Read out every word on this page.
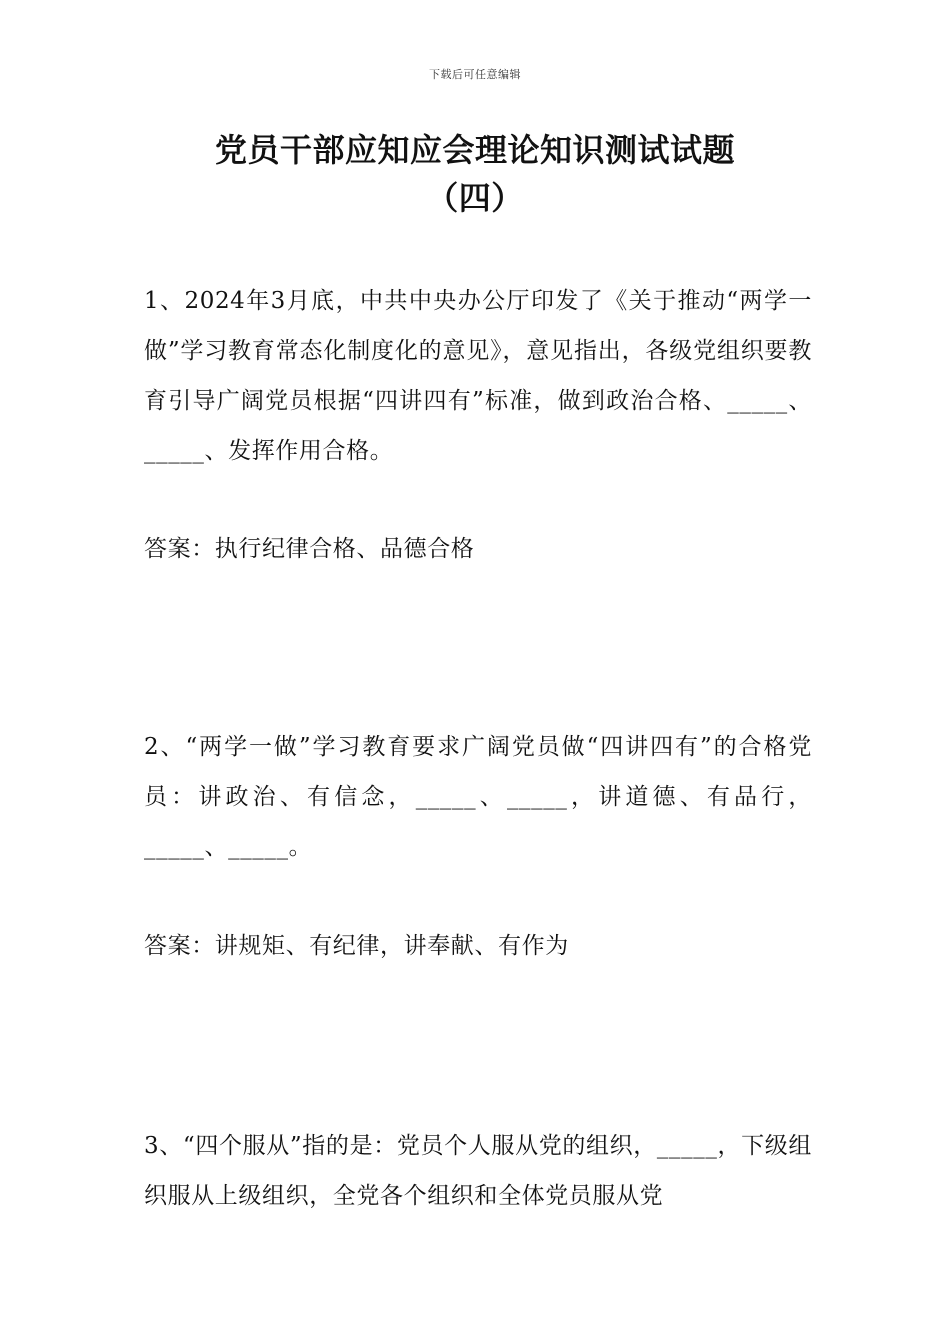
下载后可任意编辑
党员干部应知应会理论知识测试试题
（四）

1、2024年3月底，中共中央办公厅印发了《关于推动“两学一做”学习教育常态化制度化的意见》，意见指出，各级党组织要教育引导广阔党员根据“四讲四有”标准，做到政治合格、_____、_____、发挥作用合格。

答案：执行纪律合格、品德合格

2、“两学一做”学习教育要求广阔党员做“四讲四有”的合格党员：讲政治、有信念，_____、_____，讲道德、有品行，_____、_____。

答案：讲规矩、有纪律，讲奉献、有作为

3、“四个服从”指的是：党员个人服从党的组织，_____，下级组织服从上级组织，全党各个组织和全体党员服从党
